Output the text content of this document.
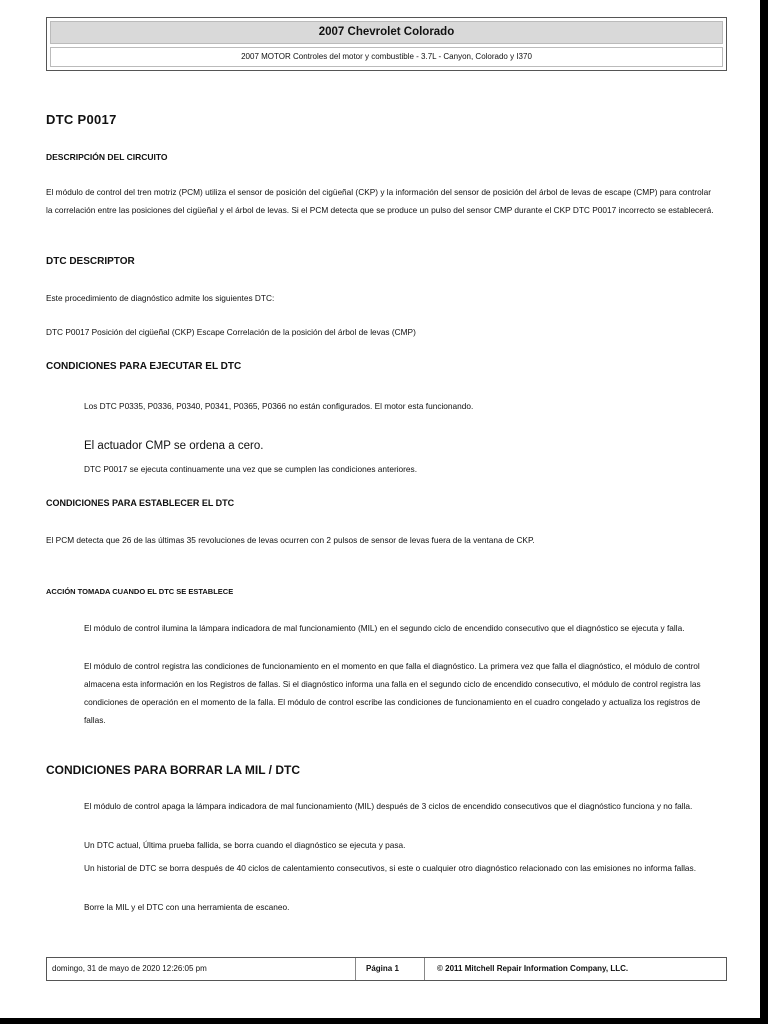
2007 Chevrolet Colorado
2007 MOTOR Controles del motor y combustible - 3.7L - Canyon, Colorado y I370
DTC P0017
DESCRIPCIÓN DEL CIRCUITO
El módulo de control del tren motriz (PCM) utiliza el sensor de posición del cigüeñal (CKP) y la información del sensor de posición del árbol de levas de escape (CMP) para controlar la correlación entre las posiciones del cigüeñal y el árbol de levas. Si el PCM detecta que se produce un pulso del sensor CMP durante el CKP DTC P0017 incorrecto se establecerá.
DTC DESCRIPTOR
Este procedimiento de diagnóstico admite los siguientes DTC:
DTC P0017 Posición del cigüeñal (CKP) Escape Correlación de la posición del árbol de levas (CMP)
CONDICIONES PARA EJECUTAR EL DTC
Los DTC P0335, P0336, P0340, P0341, P0365, P0366 no están configurados. El motor esta funcionando.
El actuador CMP se ordena a cero.
DTC P0017 se ejecuta continuamente una vez que se cumplen las condiciones anteriores.
CONDICIONES PARA ESTABLECER EL DTC
El PCM detecta que 26 de las últimas 35 revoluciones de levas ocurren con 2 pulsos de sensor de levas fuera de la ventana de CKP.
ACCIÓN TOMADA CUANDO EL DTC SE ESTABLECE
El módulo de control ilumina la lámpara indicadora de mal funcionamiento (MIL) en el segundo ciclo de encendido consecutivo que el diagnóstico se ejecuta y falla.
El módulo de control registra las condiciones de funcionamiento en el momento en que falla el diagnóstico. La primera vez que falla el diagnóstico, el módulo de control almacena esta información en los Registros de fallas. Si el diagnóstico informa una falla en el segundo ciclo de encendido consecutivo, el módulo de control registra las condiciones de operación en el momento de la falla. El módulo de control escribe las condiciones de funcionamiento en el cuadro congelado y actualiza los registros de fallas.
CONDICIONES PARA BORRAR LA MIL / DTC
El módulo de control apaga la lámpara indicadora de mal funcionamiento (MIL) después de 3 ciclos de encendido consecutivos que el diagnóstico funciona y no falla.
Un DTC actual, Última prueba fallida, se borra cuando el diagnóstico se ejecuta y pasa.
Un historial de DTC se borra después de 40 ciclos de calentamiento consecutivos, si este o cualquier otro diagnóstico relacionado con las emisiones no informa fallas.
Borre la MIL y el DTC con una herramienta de escaneo.
domingo, 31 de mayo de 2020 12:26:05 pm	Página 1	© 2011 Mitchell Repair Information Company, LLC.
